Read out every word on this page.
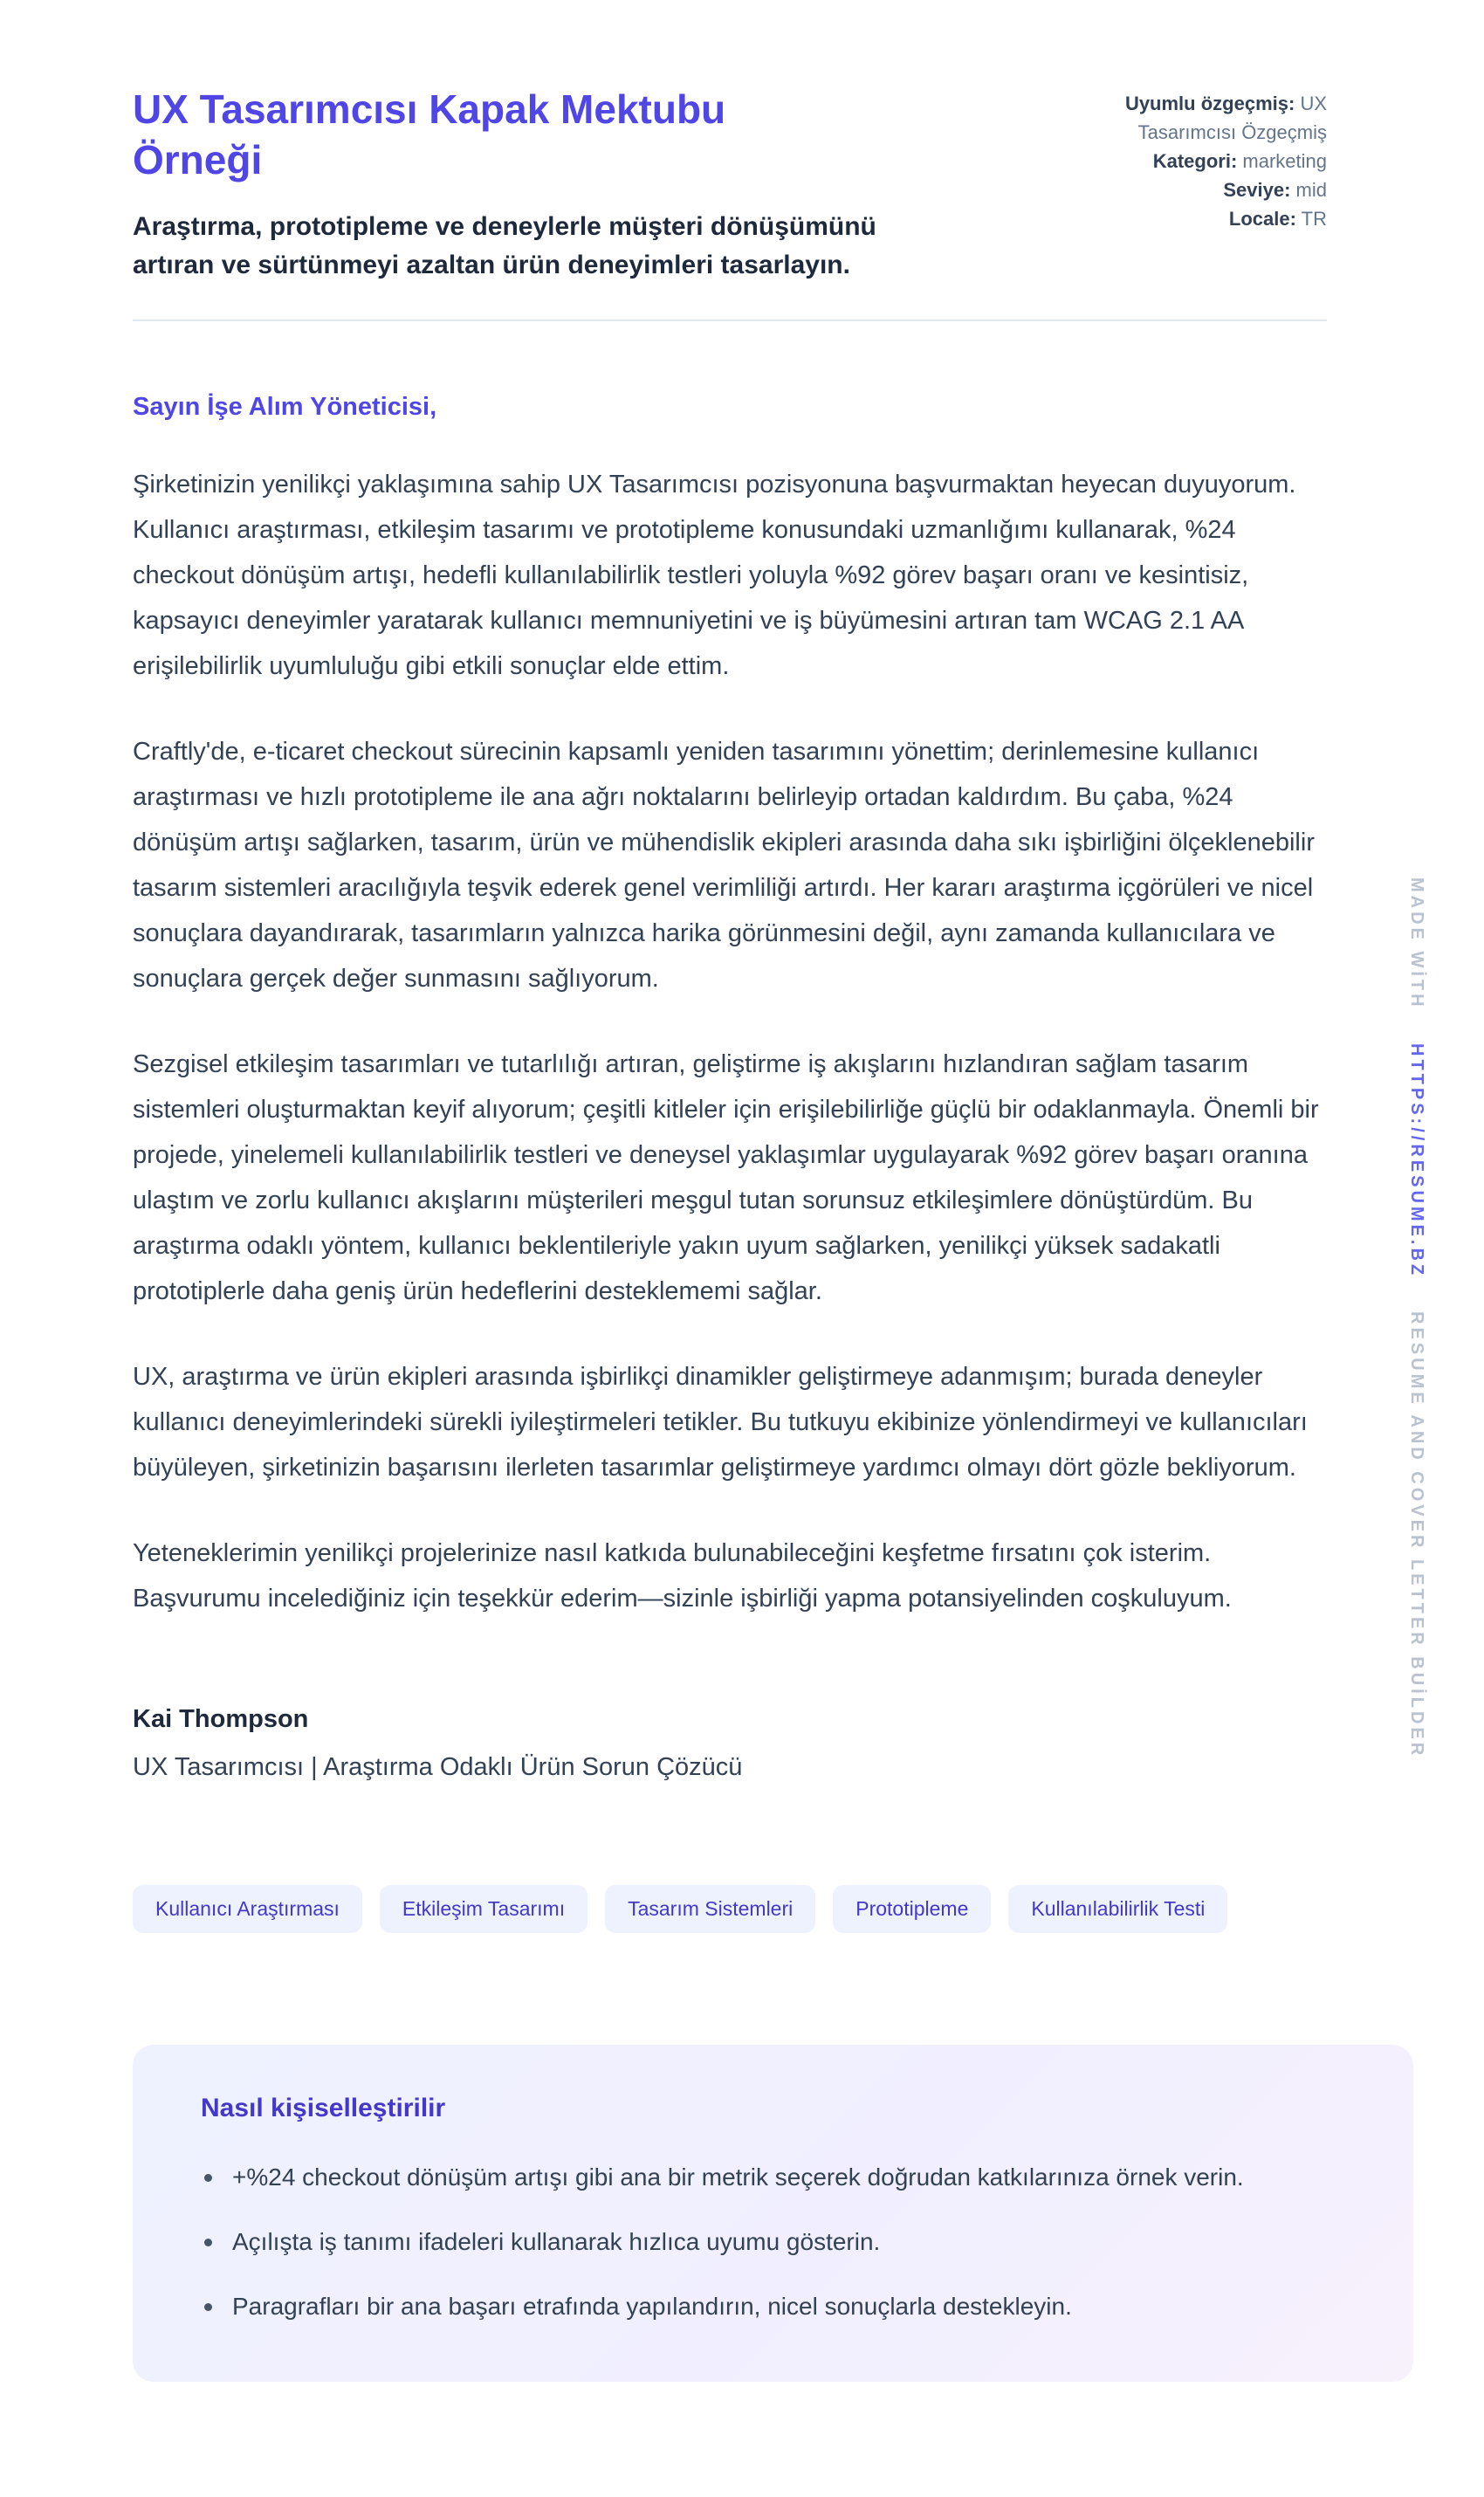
UX Tasarımcısı Kapak Mektubu Örneği
Araştırma, prototipleme ve deneylerle müşteri dönüşümünü artıran ve sürtünmeyi azaltan ürün deneyimleri tasarlayın.
Uyumlu özgeçmiş: UX Tasarımcısı Özgeçmiş
Kategori: marketing
Seviye: mid
Locale: TR
Sayın İşe Alım Yöneticisi,

Şirketinizin yenilikçi yaklaşımına sahip UX Tasarımcısı pozisyonuna başvurmaktan heyecan duyuyorum. Kullanıcı araştırması, etkileşim tasarımı ve prototipleme konusundaki uzmanlığımı kullanarak, %24 checkout dönüşüm artışı, hedefli kullanılabilirlik testleri yoluyla %92 görev başarı oranı ve kesintisiz, kapsayıcı deneyimler yaratarak kullanıcı memnuniyetini ve iş büyümesini artıran tam WCAG 2.1 AA erişilebilirlik uyumluluğu gibi etkili sonuçlar elde ettim.

Craftly'de, e-ticaret checkout sürecinin kapsamlı yeniden tasarımını yönettim; derinlemesine kullanıcı araştırması ve hızlı prototipleme ile ana ağrı noktalarını belirleyip ortadan kaldırdım. Bu çaba, %24 dönüşüm artışı sağlarken, tasarım, ürün ve mühendislik ekipleri arasında daha sıkı işbirliğini ölçeklenebilir tasarım sistemleri aracılığıyla teşvik ederek genel verimliliği artırdı. Her kararı araştırma içgörüleri ve nicel sonuçlara dayandırarak, tasarımların yalnızca harika görünmesini değil, aynı zamanda kullanıcılara ve sonuçlara gerçek değer sunmasını sağlıyorum.

Sezgisel etkileşim tasarımları ve tutarlılığı artıran, geliştirme iş akışlarını hızlandıran sağlam tasarım sistemleri oluşturmaktan keyif alıyorum; çeşitli kitleler için erişilebilirliğe güçlü bir odaklanmayla. Önemli bir projede, yinelemeli kullanılabilirlik testleri ve deneysel yaklaşımlar uygulayarak %92 görev başarı oranına ulaştım ve zorlu kullanıcı akışlarını müşterileri meşgul tutan sorunsuz etkileşimlere dönüştürdüm. Bu araştırma odaklı yöntem, kullanıcı beklentileriyle yakın uyum sağlarken, yenilikçi yüksek sadakatli prototiplerle daha geniş ürün hedeflerini desteklememi sağlar.

UX, araştırma ve ürün ekipleri arasında işbirlikçi dinamikler geliştirmeye adanmışım; burada deneyler kullanıcı deneyimlerindeki sürekli iyileştirmeleri tetikler. Bu tutkuyu ekibinize yönlendirmeyi ve kullanıcıları büyüleyen, şirketinizin başarısını ilerleten tasarımlar geliştirmeye yardımcı olmayı dört gözle bekliyorum.

Yeteneklerimin yenilikçi projelerinize nasıl katkıda bulunabileceğini keşfetme fırsatını çok isterim. Başvurumu incelediğiniz için teşekkür ederim—sizinle işbirliği yapma potansiyelinden coşkuluyum.

Kai Thompson
UX Tasarımcısı | Araştırma Odaklı Ürün Sorun Çözücü
Kullanıcı Araştırması	Etkileşim Tasarımı	Tasarım Sistemleri	Prototipleme	Kullanılabilirlik Testi
Nasıl kişiselleştirilir
+%24 checkout dönüşüm artışı gibi ana bir metrik seçerek doğrudan katkılarınıza örnek verin.
Açılışta iş tanımı ifadeleri kullanarak hızlıca uyumu gösterin.
Paragrafları bir ana başarı etrafında yapılandırın, nicel sonuçlarla destekleyin.
MADE WİTH
HTTPS://RESUME.BZ
RESUME AND COVER LETTER BUİLDER
